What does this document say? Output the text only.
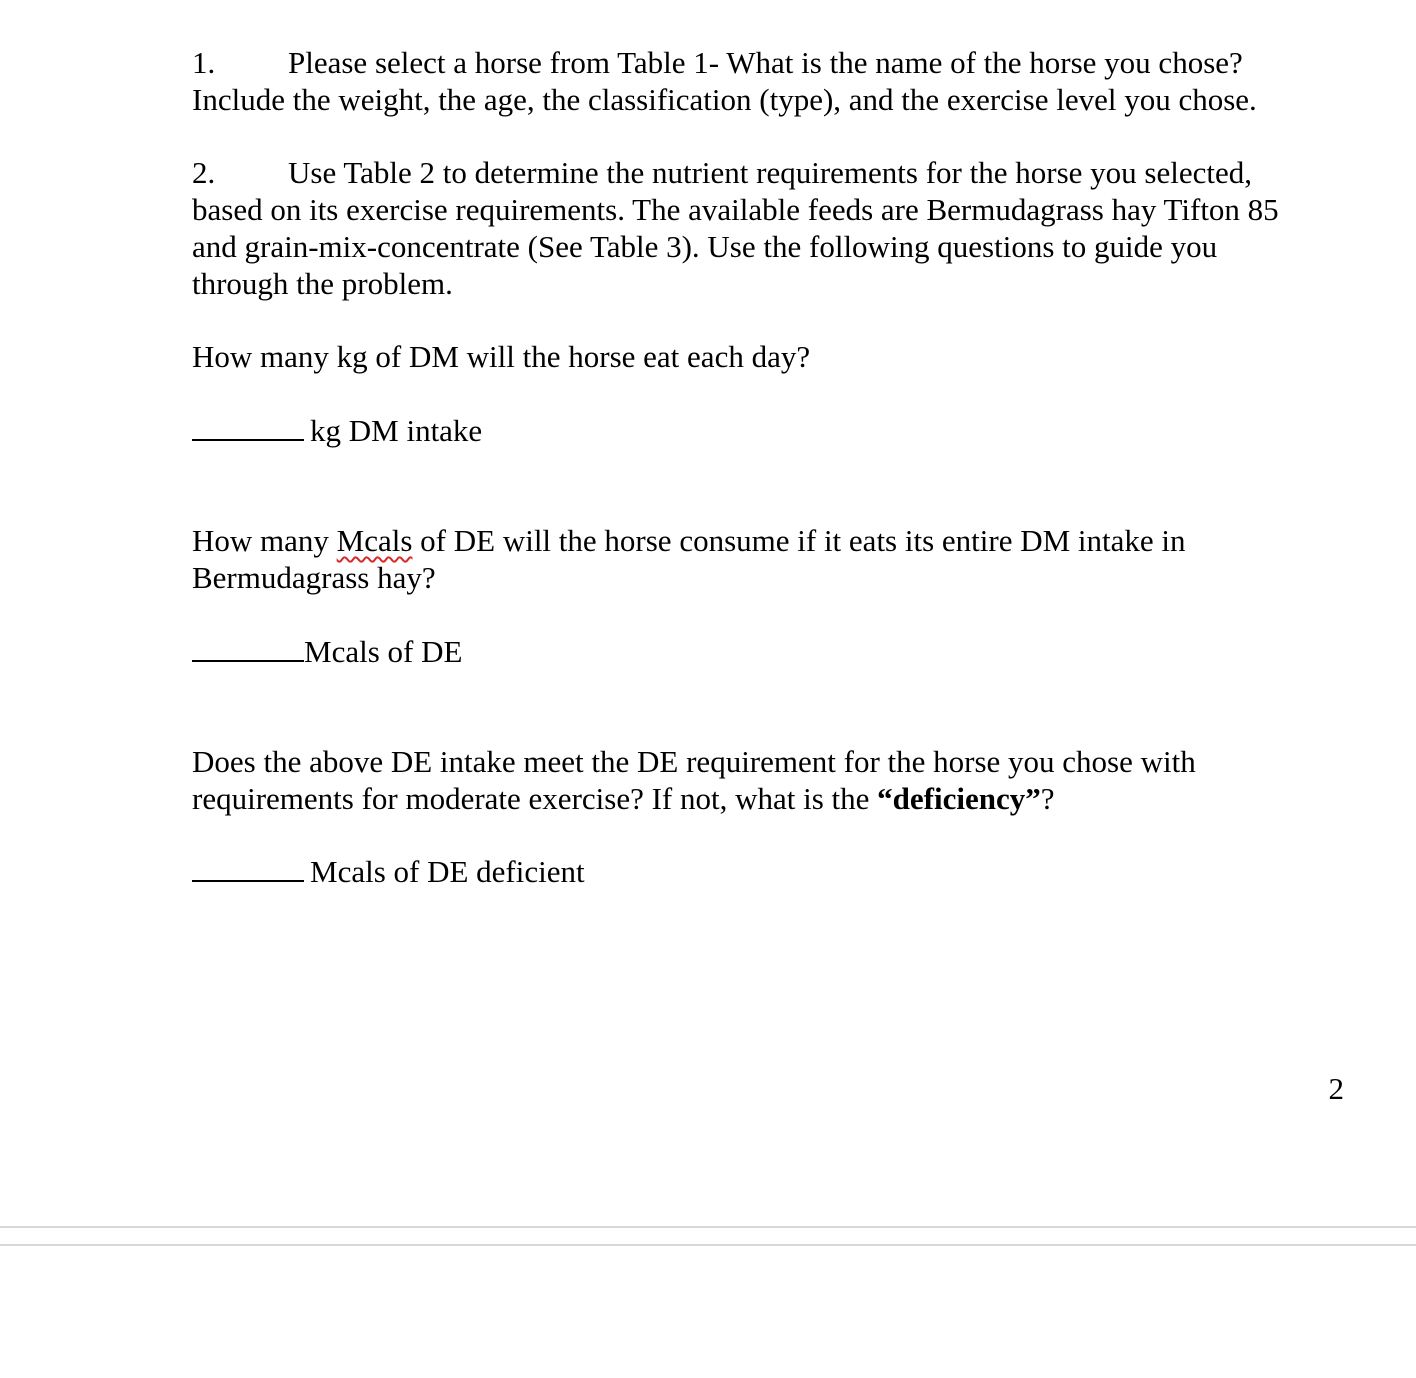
1. Please select a horse from Table 1- What is the name of the horse you chose?
Include the weight, the age, the classification (type), and the exercise level you chose.
2. Use Table 2 to determine the nutrient requirements for the horse you selected,
based on its exercise requirements. The available feeds are Bermudagrass hay Tifton 85
and grain-mix-concentrate (See Table 3). Use the following questions to guide you
through the problem.
How many kg of DM will the horse eat each day?
kg DM intake
How many Mcals of DE will the horse consume if it eats its entire DM intake in
Bermudagrass hay?
Mcals of DE
Does the above DE intake meet the DE requirement for the horse you chose with
requirements for moderate exercise? If not, what is the “deficiency”?
Mcals of DE deficient
2
